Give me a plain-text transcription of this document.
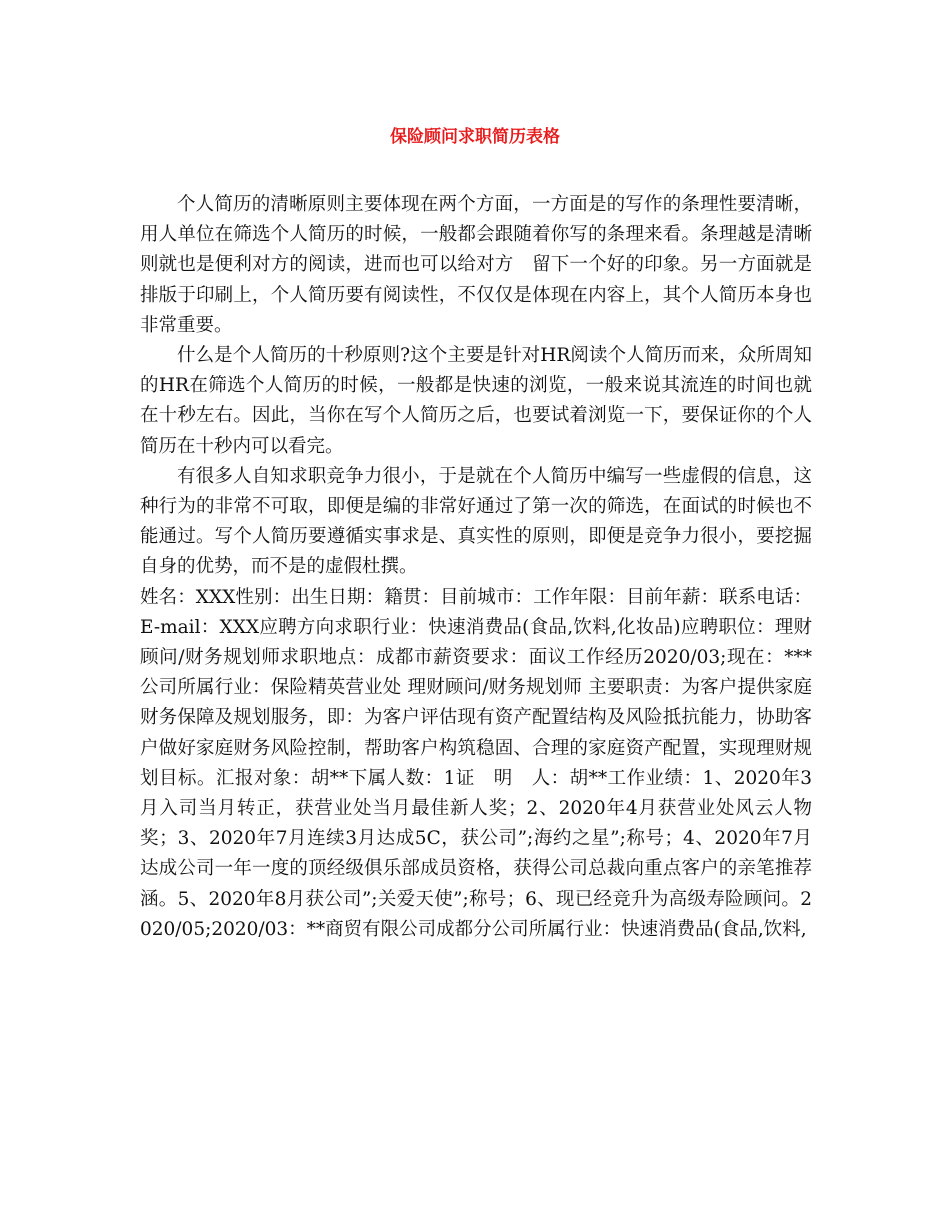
保险顾问求职简历表格

个人简历的清晰原则主要体现在两个方面，一方面是的写作的条理性要清晰，用人单位在筛选个人简历的时候，一般都会跟随着你写的条理来看。条理越是清晰则就也是便利对方的阅读，进而也可以给对方　留下一个好的印象。另一方面就是排版于印刷上，个人简历要有阅读性，不仅仅是体现在内容上，其个人简历本身也非常重要。

什么是个人简历的十秒原则?这个主要是针对HR阅读个人简历而来，众所周知的HR在筛选个人简历的时候，一般都是快速的浏览，一般来说其流连的时间也就在十秒左右。因此，当你在写个人简历之后，也要试着浏览一下，要保证你的个人简历在十秒内可以看完。

有很多人自知求职竞争力很小，于是就在个人简历中编写一些虚假的信息，这种行为的非常不可取，即便是编的非常好通过了第一次的筛选，在面试的时候也不能通过。写个人简历要遵循实事求是、真实性的原则，即便是竞争力很小，要挖掘自身的优势，而不是的虚假杜撰。

姓名：XXX性别：出生日期：籍贯：目前城市：工作年限：目前年薪：联系电话：E-mail：XXX应聘方向求职行业：快速消费品(食品,饮料,化妆品)应聘职位：理财顾问/财务规划师求职地点：成都市薪资要求：面议工作经历2020/03;现在：***公司所属行业：保险精英营业处 理财顾问/财务规划师 主要职责：为客户提供家庭财务保障及规划服务，即：为客户评估现有资产配置结构及风险抵抗能力，协助客户做好家庭财务风险控制，帮助客户构筑稳固、合理的家庭资产配置，实现理财规划目标。汇报对象：胡**下属人数：1证　明　人：胡**工作业绩：1、2020年3月入司当月转正，获营业处当月最佳新人奖；2、2020年4月获营业处风云人物奖；3、2020年7月连续3月达成5C，获公司”;海约之星”;称号；4、2020年7月达成公司一年一度的顶经级俱乐部成员资格，获得公司总裁向重点客户的亲笔推荐涵。5、2020年8月获公司”;关爱天使”;称号；6、现已经竞升为高级寿险顾问。2020/05;2020/03：**商贸有限公司成都分公司所属行业：快速消费品(食品,饮料,
